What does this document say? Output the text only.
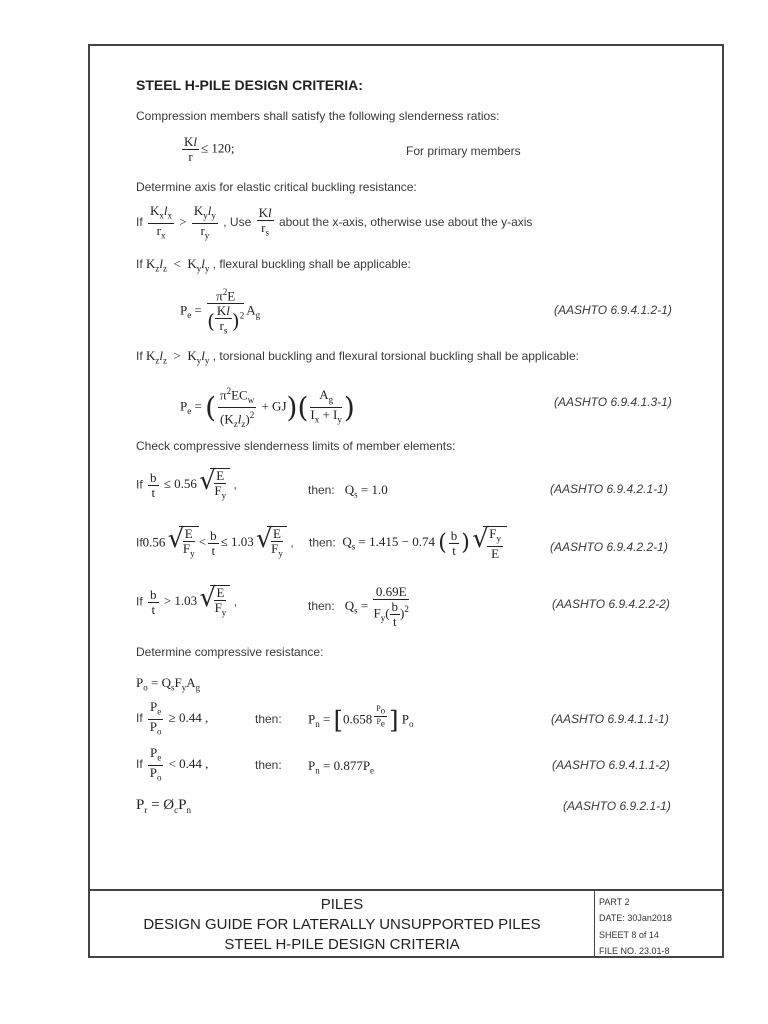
STEEL H-PILE DESIGN CRITERIA:
Compression members shall satisfy the following slenderness ratios:
$\frac{Kl}{r} \le 120$;	For primary members
Determine axis for elastic critical buckling resistance:
If $\frac{K_xl_x}{r_x} > \frac{K_yl_y}{r_y}$ , Use $\frac{Kl}{r_s}$ about the x-axis, otherwise use about the y-axis
If $K_zl_z < K_yl_y$ , flexural buckling shall be applicable:
$P_e = \frac{\pi^2E}{( \frac{Kl}{r_s} )^2} A_g$	(AASHTO 6.9.4.1.2-1)
If $K_zl_z > K_yl_y$ , torsional buckling and flexural torsional buckling shall be applicable:
$P_e$ = ( $\frac{\pi^2EC_w}{(K_zl_z)^2} + GJ)( \frac{A_g}{I_x + I_y}$ )	(AASHTO 6.9.4.1.3-1)
Check compressive slenderness limits of member elements:
If $\frac{b}{t} \le 0.56$ √ $\frac{E}{F_y}$ ,	then: $Q_s = 1.0$	(AASHTO 6.9.4.2.1-1)
If0.56 √ $\frac{E}{F_y} < \frac{b}{t} \le 1.03$ √ $\frac{E}{F_y}$ , then: $Q_s = 1.415 - 0.74$ ( $\frac{b}{t}$ ) √ $\frac{F_y}{E}$	(AASHTO 6.9.4.2.2-1)
If $\frac{b}{t} > 1.03$ √ $\frac{E}{F_y}$ ,	then: $Q_s = \frac{0.69E}{F_y( \frac{b}{t} )^2}$	(AASHTO 6.9.4.2.2-2)
Determine compressive resistance:
$P_o = Q_sF_yA_g$
If $\frac{P_e}{P_o} \ge 0.44$ ,	then: $P_n = [0.658$ $^{\frac{P_o}{P_e}}$ ] $P_o$	(AASHTO 6.9.4.1.1-1)
If $\frac{P_e}{P_o} < 0.44$ ,	then: $P_n = 0.877P_e$	(AASHTO 6.9.4.1.1-2)
$P_r$ = $Ø_cP_n$	(AASHTO 6.9.2.1-1)
PILES
DESIGN GUIDE FOR LATERALLY UNSUPPORTED PILES
STEEL H-PILE DESIGN CRITERIA
PART 2
DATE: 30Jan2018
SHEET 8 of 14
FILE NO. 23.01-8
